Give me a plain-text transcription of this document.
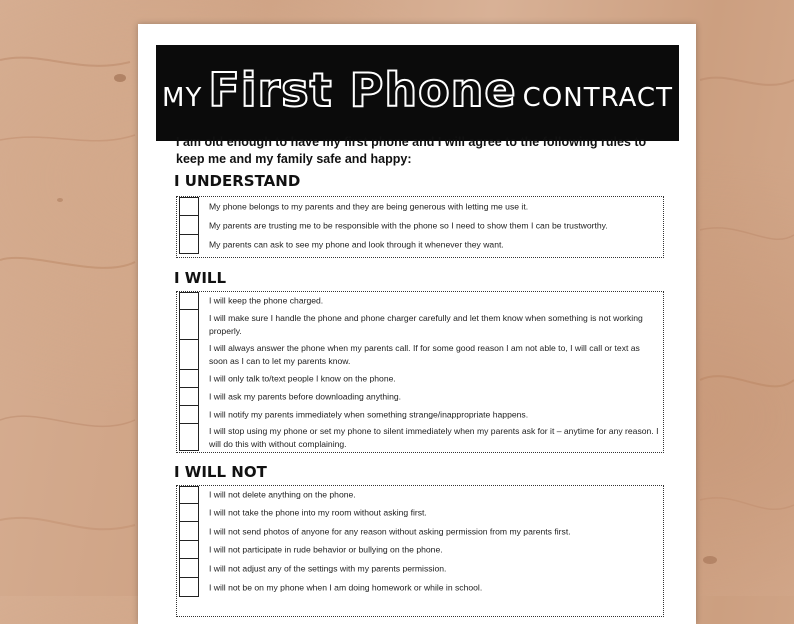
MY First Phone CONTRACT
I am old enough to have my first phone and I will agree to the following rules to keep me and my family safe and happy:
I UNDERSTAND
My phone belongs to my parents and they are being generous with letting me use it.
My parents are trusting me to be responsible with the phone so I need to show them I can be trustworthy.
My parents can ask to see my phone and look through it whenever they want.
I WILL
I will keep the phone charged.
I will make sure I handle the phone and phone charger carefully and let them know when something is not working properly.
I will always answer the phone when my parents call. If for some good reason I am not able to, I will call or text as soon as I can to let my parents know.
I will only talk to/text people I know on the phone.
I will ask my parents before downloading anything.
I will notify my parents immediately when something strange/inappropriate happens.
I will stop using my phone or set my phone to silent immediately when my parents ask for it – anytime for any reason. I will do this with without complaining.
I WILL NOT
I will not delete anything on the phone.
I will not take the phone into my room without asking first.
I will not send photos of anyone for any reason without asking permission from my parents first.
I will not participate in rude behavior or bullying on the phone.
I will not adjust any of the settings with my parents permission.
I will not be on my phone when I am doing homework or while in school.
